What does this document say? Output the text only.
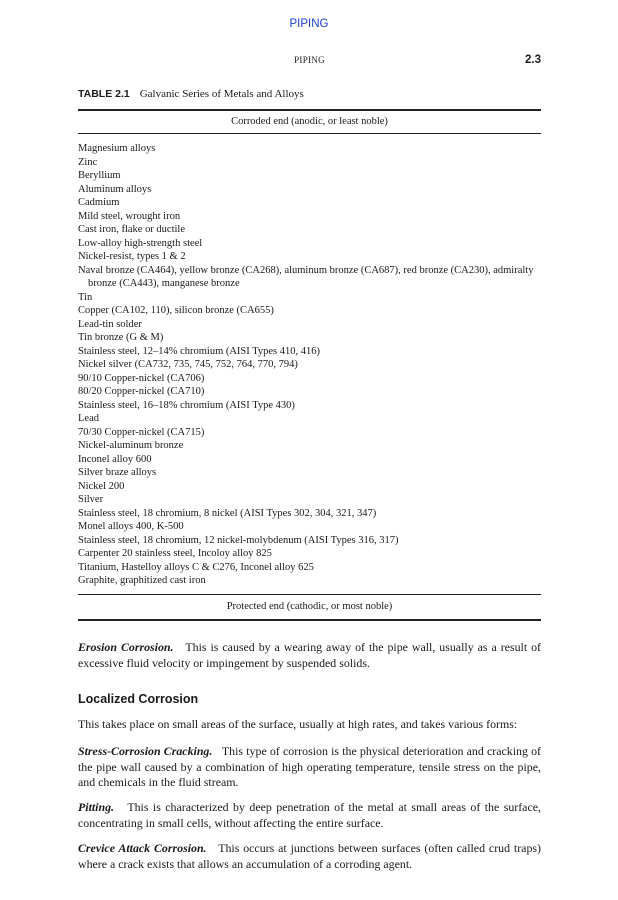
PIPING
PIPING	2.3
TABLE 2.1 Galvanic Series of Metals and Alloys
Corroded end (anodic, or least noble)
Magnesium alloys
Zinc
Beryllium
Aluminum alloys
Cadmium
Mild steel, wrought iron
Cast iron, flake or ductile
Low-alloy high-strength steel
Nickel-resist, types 1 & 2
Naval bronze (CA464), yellow bronze (CA268), aluminum bronze (CA687), red bronze (CA230), admiralty bronze (CA443), manganese bronze
Tin
Copper (CA102, 110), silicon bronze (CA655)
Lead-tin solder
Tin bronze (G & M)
Stainless steel, 12–14% chromium (AISI Types 410, 416)
Nickel silver (CA732, 735, 745, 752, 764, 770, 794)
90/10 Copper-nickel (CA706)
80/20 Copper-nickel (CA710)
Stainless steel, 16–18% chromium (AISI Type 430)
Lead
70/30 Copper-nickel (CA715)
Nickel-aluminum bronze
Inconel alloy 600
Silver braze alloys
Nickel 200
Silver
Stainless steel, 18 chromium, 8 nickel (AISI Types 302, 304, 321, 347)
Monel alloys 400, K-500
Stainless steel, 18 chromium, 12 nickel-molybdenum (AISI Types 316, 317)
Carpenter 20 stainless steel, Incoloy alloy 825
Titanium, Hastelloy alloys C & C276, Inconel alloy 625
Graphite, graphitized cast iron
Protected end (cathodic, or most noble)

Erosion Corrosion. This is caused by a wearing away of the pipe wall, usually as a result of excessive fluid velocity or impingement by suspended solids.

Localized Corrosion

This takes place on small areas of the surface, usually at high rates, and takes various forms:

Stress-Corrosion Cracking. This type of corrosion is the physical deterioration and cracking of the pipe wall caused by a combination of high operating temperature, tensile stress on the pipe, and chemicals in the fluid stream.

Pitting. This is characterized by deep penetration of the metal at small areas of the surface, concentrating in small cells, without affecting the entire surface.

Crevice Attack Corrosion. This occurs at junctions between surfaces (often called crud traps) where a crack exists that allows an accumulation of a corroding agent.
